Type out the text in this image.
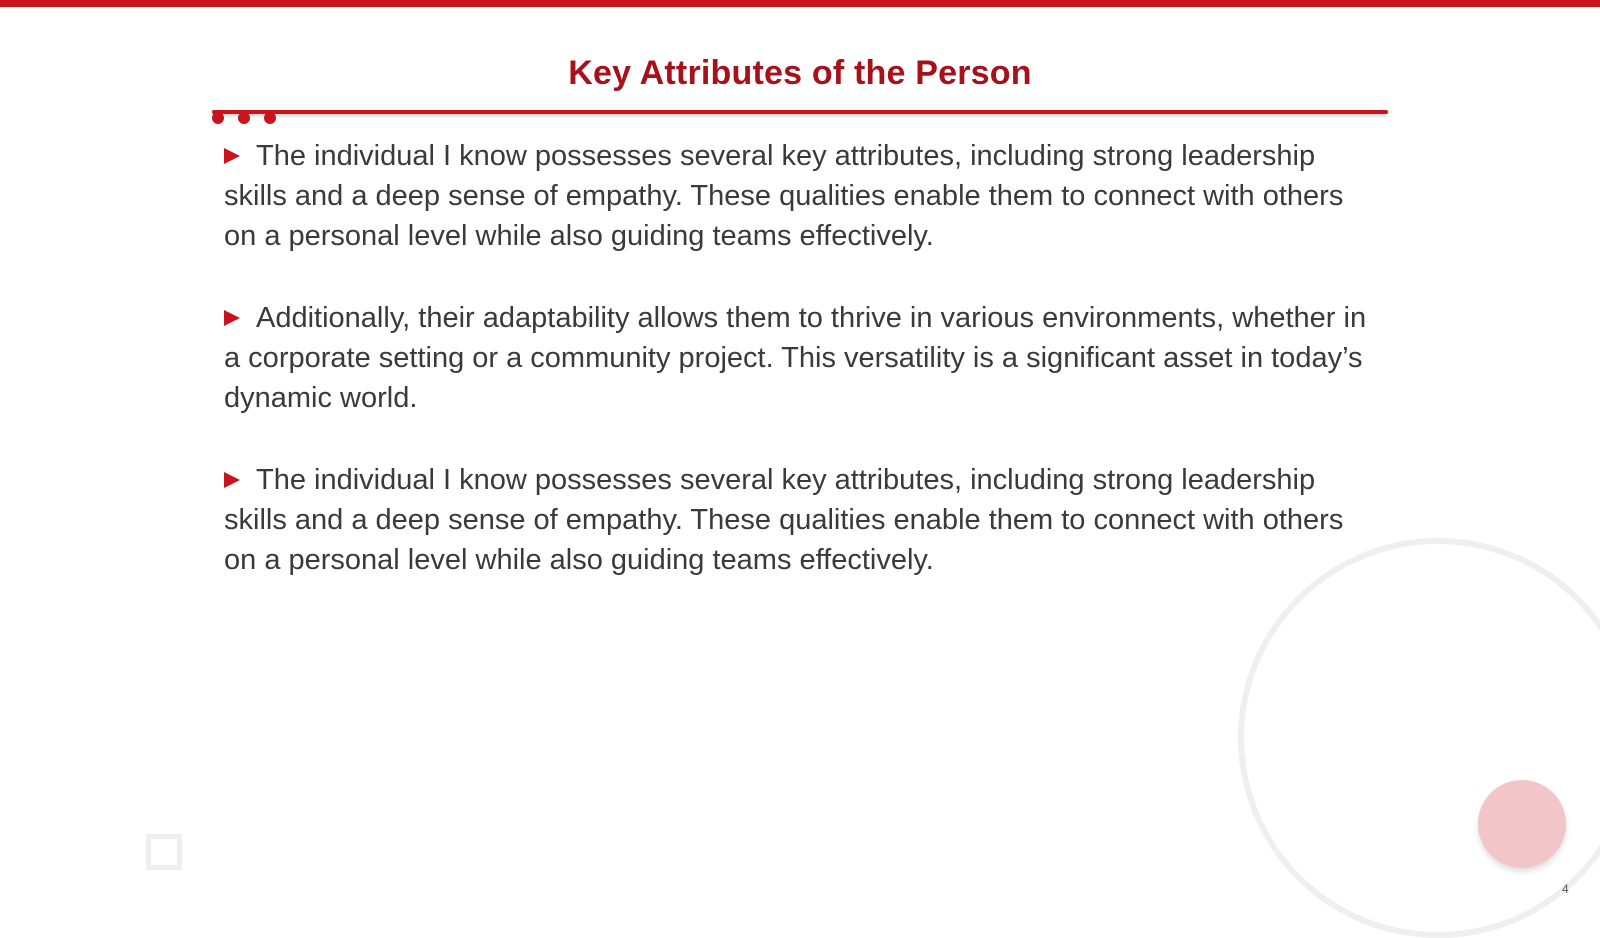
Key Attributes of the Person

The individual I know possesses several key attributes, including strong leadership skills and a deep sense of empathy. These qualities enable them to connect with others on a personal level while also guiding teams effectively.

Additionally, their adaptability allows them to thrive in various environments, whether in a corporate setting or a community project. This versatility is a significant asset in today’s dynamic world.

The individual I know possesses several key attributes, including strong leadership skills and a deep sense of empathy. These qualities enable them to connect with others on a personal level while also guiding teams effectively.

4
